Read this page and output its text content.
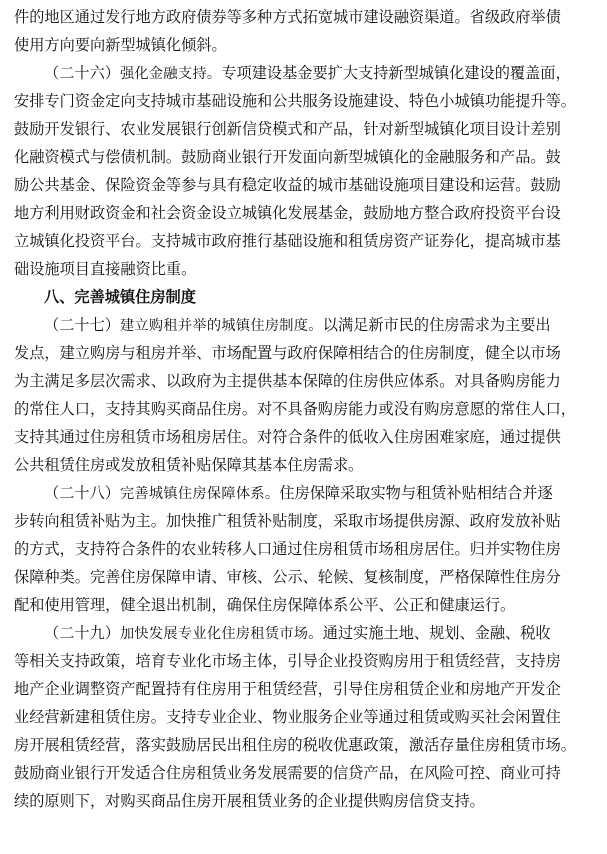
件的地区通过发行地方政府债券等多种方式拓宽城市建设融资渠道。省级政府举债
使用方向要向新型城镇化倾斜。
（二十六）强化金融支持。专项建设基金要扩大支持新型城镇化建设的覆盖面，
安排专门资金定向支持城市基础设施和公共服务设施建设、特色小城镇功能提升等。
鼓励开发银行、农业发展银行创新信贷模式和产品，针对新型城镇化项目设计差别
化融资模式与偿债机制。鼓励商业银行开发面向新型城镇化的金融服务和产品。鼓
励公共基金、保险资金等参与具有稳定收益的城市基础设施项目建设和运营。鼓励
地方利用财政资金和社会资金设立城镇化发展基金，鼓励地方整合政府投资平台设
立城镇化投资平台。支持城市政府推行基础设施和租赁房资产证券化，提高城市基
础设施项目直接融资比重。
八、完善城镇住房制度
（二十七）建立购租并举的城镇住房制度。以满足新市民的住房需求为主要出
发点，建立购房与租房并举、市场配置与政府保障相结合的住房制度，健全以市场
为主满足多层次需求、以政府为主提供基本保障的住房供应体系。对具备购房能力
的常住人口，支持其购买商品住房。对不具备购房能力或没有购房意愿的常住人口，
支持其通过住房租赁市场租房居住。对符合条件的低收入住房困难家庭，通过提供
公共租赁住房或发放租赁补贴保障其基本住房需求。
（二十八）完善城镇住房保障体系。住房保障采取实物与租赁补贴相结合并逐
步转向租赁补贴为主。加快推广租赁补贴制度，采取市场提供房源、政府发放补贴
的方式，支持符合条件的农业转移人口通过住房租赁市场租房居住。归并实物住房
保障种类。完善住房保障申请、审核、公示、轮候、复核制度，严格保障性住房分
配和使用管理，健全退出机制，确保住房保障体系公平、公正和健康运行。
（二十九）加快发展专业化住房租赁市场。通过实施土地、规划、金融、税收
等相关支持政策，培育专业化市场主体，引导企业投资购房用于租赁经营，支持房
地产企业调整资产配置持有住房用于租赁经营，引导住房租赁企业和房地产开发企
业经营新建租赁住房。支持专业企业、物业服务企业等通过租赁或购买社会闲置住
房开展租赁经营，落实鼓励居民出租住房的税收优惠政策，激活存量住房租赁市场。
鼓励商业银行开发适合住房租赁业务发展需要的信贷产品，在风险可控、商业可持
续的原则下，对购买商品住房开展租赁业务的企业提供购房信贷支持。
